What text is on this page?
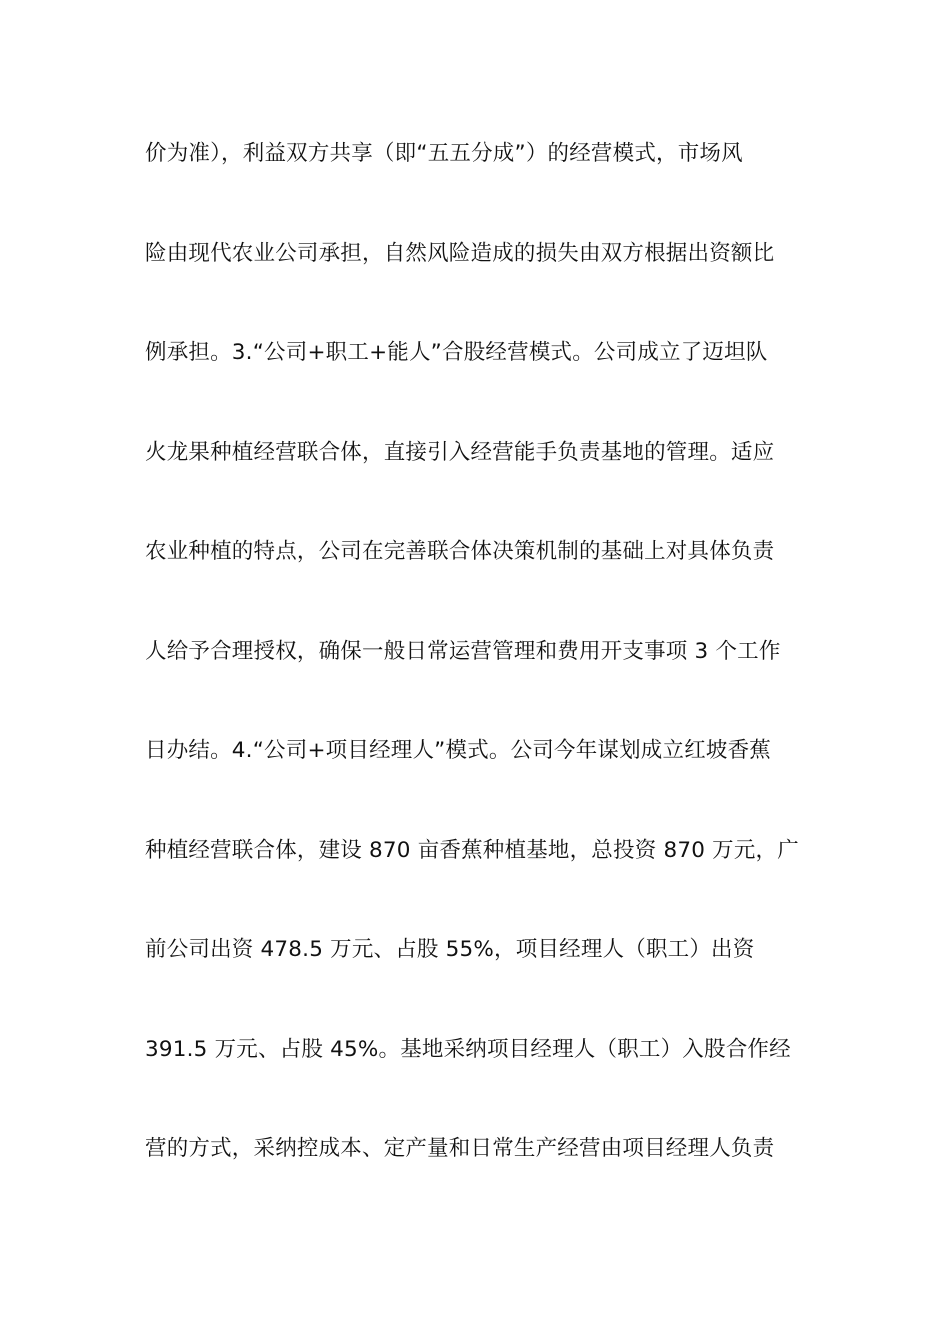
价为准），利益双方共享（即“五五分成”）的经营模式，市场风
险由现代农业公司承担，自然风险造成的损失由双方根据出资额比
例承担。3.“公司+职工+能人”合股经营模式。公司成立了迈坦队
火龙果种植经营联合体，直接引入经营能手负责基地的管理。适应
农业种植的特点，公司在完善联合体决策机制的基础上对具体负责
人给予合理授权，确保一般日常运营管理和费用开支事项 3 个工作
日办结。4.“公司+项目经理人”模式。公司今年谋划成立红坡香蕉
种植经营联合体，建设 870 亩香蕉种植基地，总投资 870 万元，广
前公司出资 478.5 万元、占股 55%，项目经理人（职工）出资
391.5 万元、占股 45%。基地采纳项目经理人（职工）入股合作经
营的方式，采纳控成本、定产量和日常生产经营由项目经理人负责
